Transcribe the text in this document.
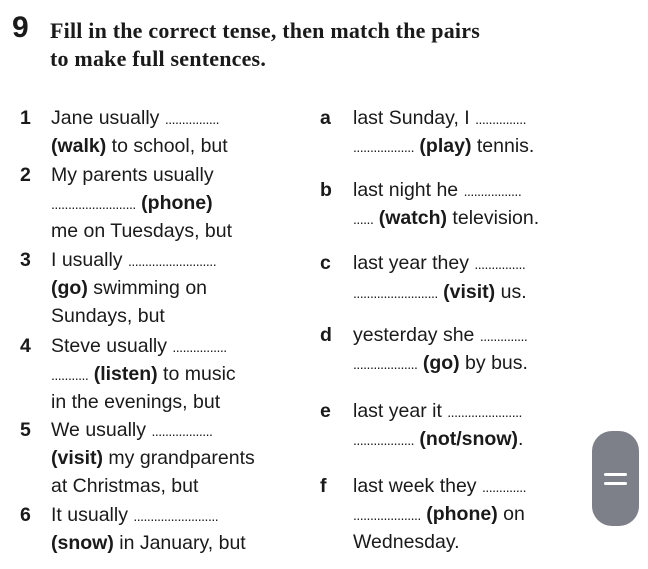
9 Fill in the correct tense, then match the pairs
to make full sentences.
1 Jane usually ................
(walk) to school, but
2 My parents usually
......................... (phone)
me on Tuesdays, but
3 I usually ..........................
(go) swimming on
Sundays, but
4 Steve usually ................
........... (listen) to music
in the evenings, but
5 We usually ..................
(visit) my grandparents
at Christmas, but
6 It usually .........................
(snow) in January, but
a last Sunday, I ...............
.................. (play) tennis.
b last night he .................
...... (watch) television.
c last year they ...............
......................... (visit) us.
d yesterday she ..............
................... (go) by bus.
e last year it ......................
.................. (not/snow).
f last week they .............
.................... (phone) on
Wednesday.
